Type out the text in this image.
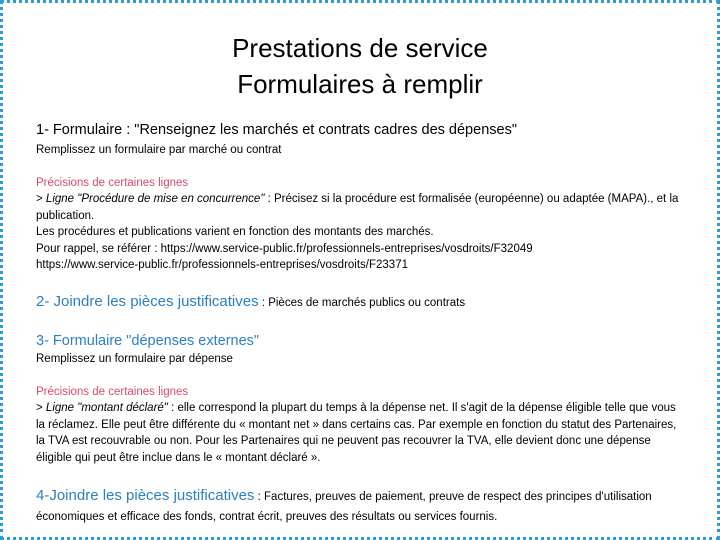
Prestations de service
Formulaires à remplir
1- Formulaire : "Renseignez les marchés et contrats cadres des dépenses"
Remplissez un formulaire par marché ou contrat
Précisions de certaines lignes
> Ligne "Procédure de mise en concurrence" : Précisez si la procédure est formalisée (européenne) ou adaptée (MAPA)., et la publication.
Les procédures et publications varient en fonction des montants des marchés.
Pour rappel, se référer : https://www.service-public.fr/professionnels-entreprises/vosdroits/F32049
https://www.service-public.fr/professionnels-entreprises/vosdroits/F23371
2- Joindre les pièces justificatives : Pièces de marchés publics ou contrats
3- Formulaire "dépenses externes"
Remplissez un formulaire par dépense
Précisions de certaines lignes
> Ligne "montant déclaré" : elle correspond la plupart du temps à la dépense net. Il s'agit de la dépense éligible telle que vous la réclamez. Elle peut être différente du « montant net » dans certains cas. Par exemple en fonction du statut des Partenaires, la TVA est recouvrable ou non. Pour les Partenaires qui ne peuvent pas recouvrer la TVA, elle devient donc une dépense éligible qui peut être inclue dans le « montant déclaré ».
4-Joindre les pièces justificatives : Factures, preuves de paiement, preuve de respect des principes d'utilisation économiques et efficace des fonds, contrat écrit, preuves des résultats ou services fournis.
